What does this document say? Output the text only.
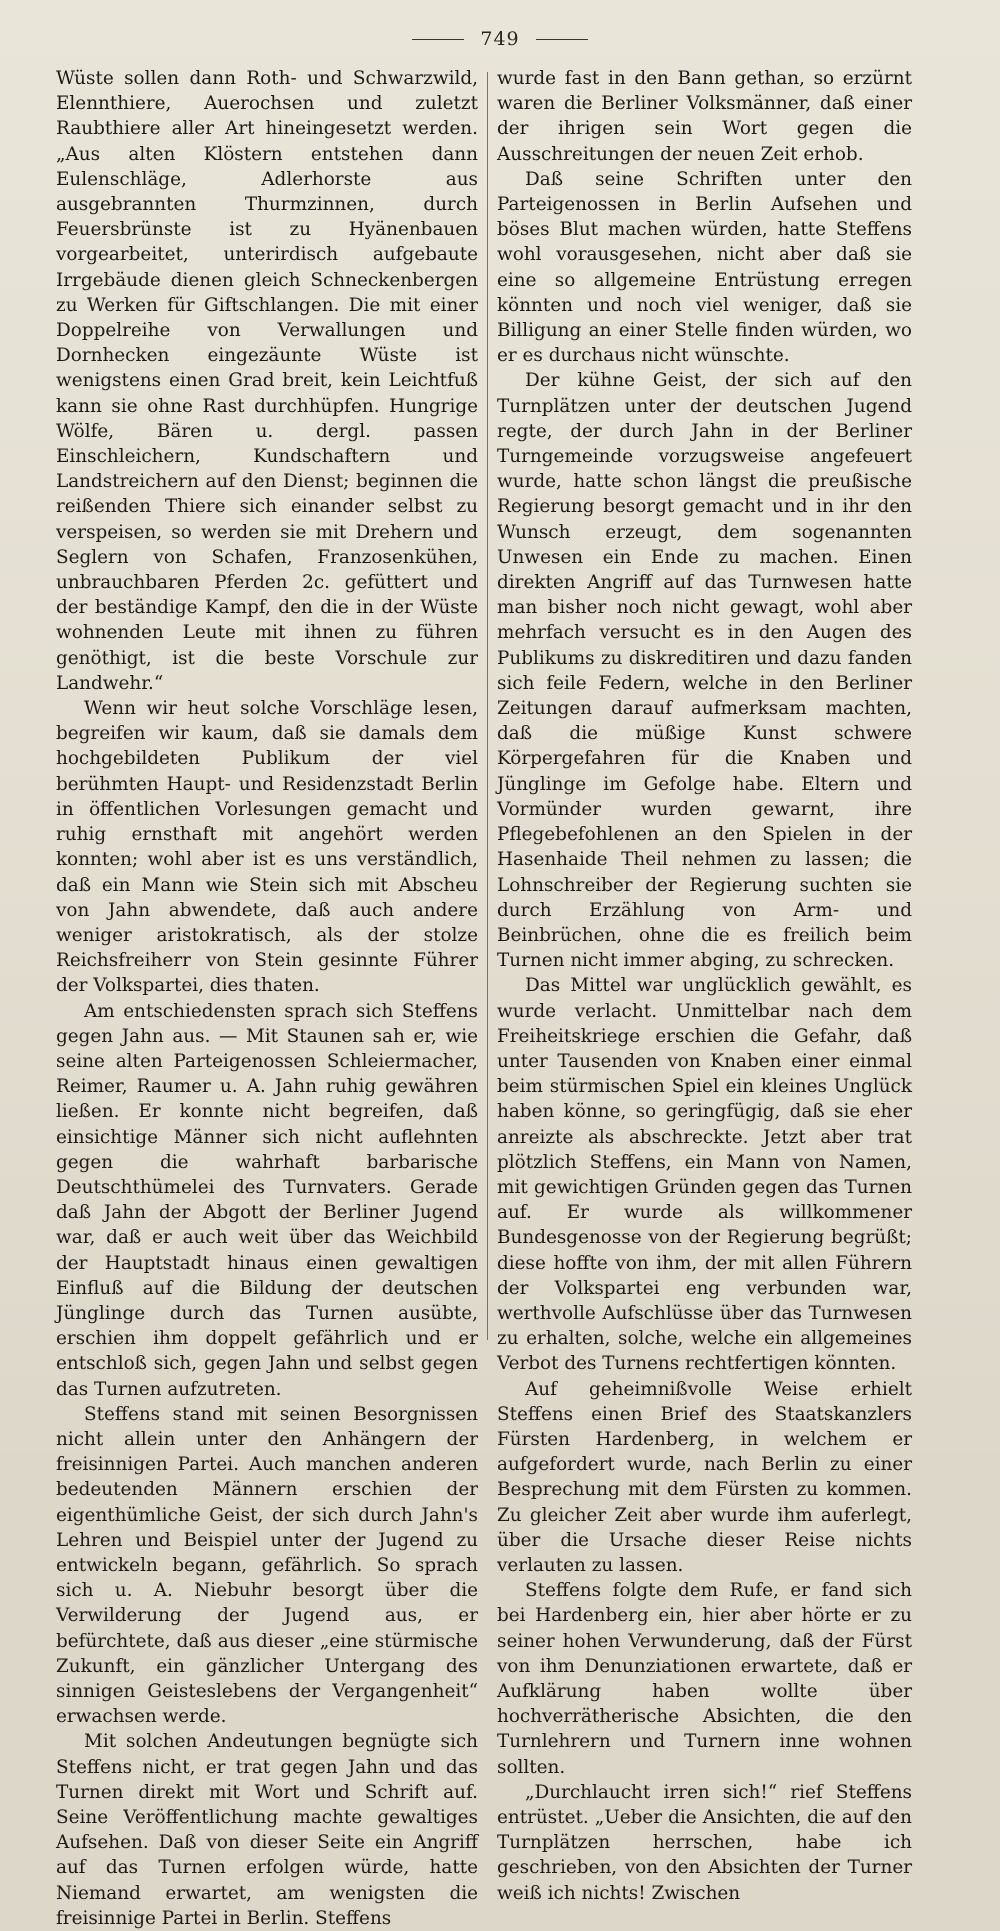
749

Wüste sollen dann Roth- und Schwarzwild, Elennthiere, Auerochsen und zuletzt Raubthiere aller Art hineingesetzt werden. „Aus alten Klöstern entstehen dann Eulenschläge, Adlerhorste aus ausgebrannten Thurmzinnen, durch Feuersbrünste ist zu Hyänenbauen vorgearbeitet, unterirdisch aufgebaute Irrgebäude dienen gleich Schneckenbergen zu Werken für Giftschlangen. Die mit einer Doppelreihe von Verwallungen und Dornhecken eingezäunte Wüste ist wenigstens einen Grad breit, kein Leichtfuß kann sie ohne Rast durchhüpfen. Hungrige Wölfe, Bären u. dergl. passen Einschleichern, Kundschaftern und Landstreichern auf den Dienst; beginnen die reißenden Thiere sich einander selbst zu verspeisen, so werden sie mit Drehern und Seglern von Schafen, Franzosenkühen, unbrauchbaren Pferden 2c. gefüttert und der beständige Kampf, den die in der Wüste wohnenden Leute mit ihnen zu führen genöthigt, ist die beste Vorschule zur Landwehr.“

Wenn wir heut solche Vorschläge lesen, begreifen wir kaum, daß sie damals dem hochgebildeten Publikum der viel berühmten Haupt- und Residenzstadt Berlin in öffentlichen Vorlesungen gemacht und ruhig ernsthaft mit angehört werden konnten; wohl aber ist es uns verständlich, daß ein Mann wie Stein sich mit Abscheu von Jahn abwendete, daß auch andere weniger aristokratisch, als der stolze Reichsfreiherr von Stein gesinnte Führer der Volkspartei, dies thaten.

Am entschiedensten sprach sich Steffens gegen Jahn aus. — Mit Staunen sah er, wie seine alten Parteigenossen Schleiermacher, Reimer, Raumer u. A. Jahn ruhig gewähren ließen. Er konnte nicht begreifen, daß einsichtige Männer sich nicht auflehnten gegen die wahrhaft barbarische Deutschthümelei des Turnvaters. Gerade daß Jahn der Abgott der Berliner Jugend war, daß er auch weit über das Weichbild der Hauptstadt hinaus einen gewaltigen Einfluß auf die Bildung der deutschen Jünglinge durch das Turnen ausübte, erschien ihm doppelt gefährlich und er entschloß sich, gegen Jahn und selbst gegen das Turnen aufzutreten.

Steffens stand mit seinen Besorgnissen nicht allein unter den Anhängern der freisinnigen Partei. Auch manchen anderen bedeutenden Männern erschien der eigenthümliche Geist, der sich durch Jahn's Lehren und Beispiel unter der Jugend zu entwickeln begann, gefährlich. So sprach sich u. A. Niebuhr besorgt über die Verwilderung der Jugend aus, er befürchtete, daß aus dieser „eine stürmische Zukunft, ein gänzlicher Untergang des sinnigen Geisteslebens der Vergangenheit“ erwachsen werde.

Mit solchen Andeutungen begnügte sich Steffens nicht, er trat gegen Jahn und das Turnen direkt mit Wort und Schrift auf. Seine Veröffentlichung machte gewaltiges Aufsehen. Daß von dieser Seite ein Angriff auf das Turnen erfolgen würde, hatte Niemand erwartet, am wenigsten die freisinnige Partei in Berlin. Steffens

wurde fast in den Bann gethan, so erzürnt waren die Berliner Volksmänner, daß einer der ihrigen sein Wort gegen die Ausschreitungen der neuen Zeit erhob.

Daß seine Schriften unter den Parteigenossen in Berlin Aufsehen und böses Blut machen würden, hatte Steffens wohl vorausgesehen, nicht aber daß sie eine so allgemeine Entrüstung erregen könnten und noch viel weniger, daß sie Billigung an einer Stelle finden würden, wo er es durchaus nicht wünschte.

Der kühne Geist, der sich auf den Turnplätzen unter der deutschen Jugend regte, der durch Jahn in der Berliner Turngemeinde vorzugsweise angefeuert wurde, hatte schon längst die preußische Regierung besorgt gemacht und in ihr den Wunsch erzeugt, dem sogenannten Unwesen ein Ende zu machen. Einen direkten Angriff auf das Turnwesen hatte man bisher noch nicht gewagt, wohl aber mehrfach versucht es in den Augen des Publikums zu diskreditiren und dazu fanden sich feile Federn, welche in den Berliner Zeitungen darauf aufmerksam machten, daß die müßige Kunst schwere Körpergefahren für die Knaben und Jünglinge im Gefolge habe. Eltern und Vormünder wurden gewarnt, ihre Pflegebefohlenen an den Spielen in der Hasenhaide Theil nehmen zu lassen; die Lohnschreiber der Regierung suchten sie durch Erzählung von Arm- und Beinbrüchen, ohne die es freilich beim Turnen nicht immer abging, zu schrecken.

Das Mittel war unglücklich gewählt, es wurde verlacht. Unmittelbar nach dem Freiheitskriege erschien die Gefahr, daß unter Tausenden von Knaben einer einmal beim stürmischen Spiel ein kleines Unglück haben könne, so geringfügig, daß sie eher anreizte als abschreckte. Jetzt aber trat plötzlich Steffens, ein Mann von Namen, mit gewichtigen Gründen gegen das Turnen auf. Er wurde als willkommener Bundesgenosse von der Regierung begrüßt; diese hoffte von ihm, der mit allen Führern der Volkspartei eng verbunden war, werthvolle Aufschlüsse über das Turnwesen zu erhalten, solche, welche ein allgemeines Verbot des Turnens rechtfertigen könnten.

Auf geheimnißvolle Weise erhielt Steffens einen Brief des Staatskanzlers Fürsten Hardenberg, in welchem er aufgefordert wurde, nach Berlin zu einer Besprechung mit dem Fürsten zu kommen. Zu gleicher Zeit aber wurde ihm auferlegt, über die Ursache dieser Reise nichts verlauten zu lassen.

Steffens folgte dem Rufe, er fand sich bei Hardenberg ein, hier aber hörte er zu seiner hohen Verwunderung, daß der Fürst von ihm Denunziationen erwartete, daß er Aufklärung haben wollte über hochverrätherische Absichten, die den Turnlehrern und Turnern inne wohnen sollten.

„Durchlaucht irren sich!“ rief Steffens entrüstet. „Ueber die Ansichten, die auf den Turnplätzen herrschen, habe ich geschrieben, von den Absichten der Turner weiß ich nichts! Zwischen
